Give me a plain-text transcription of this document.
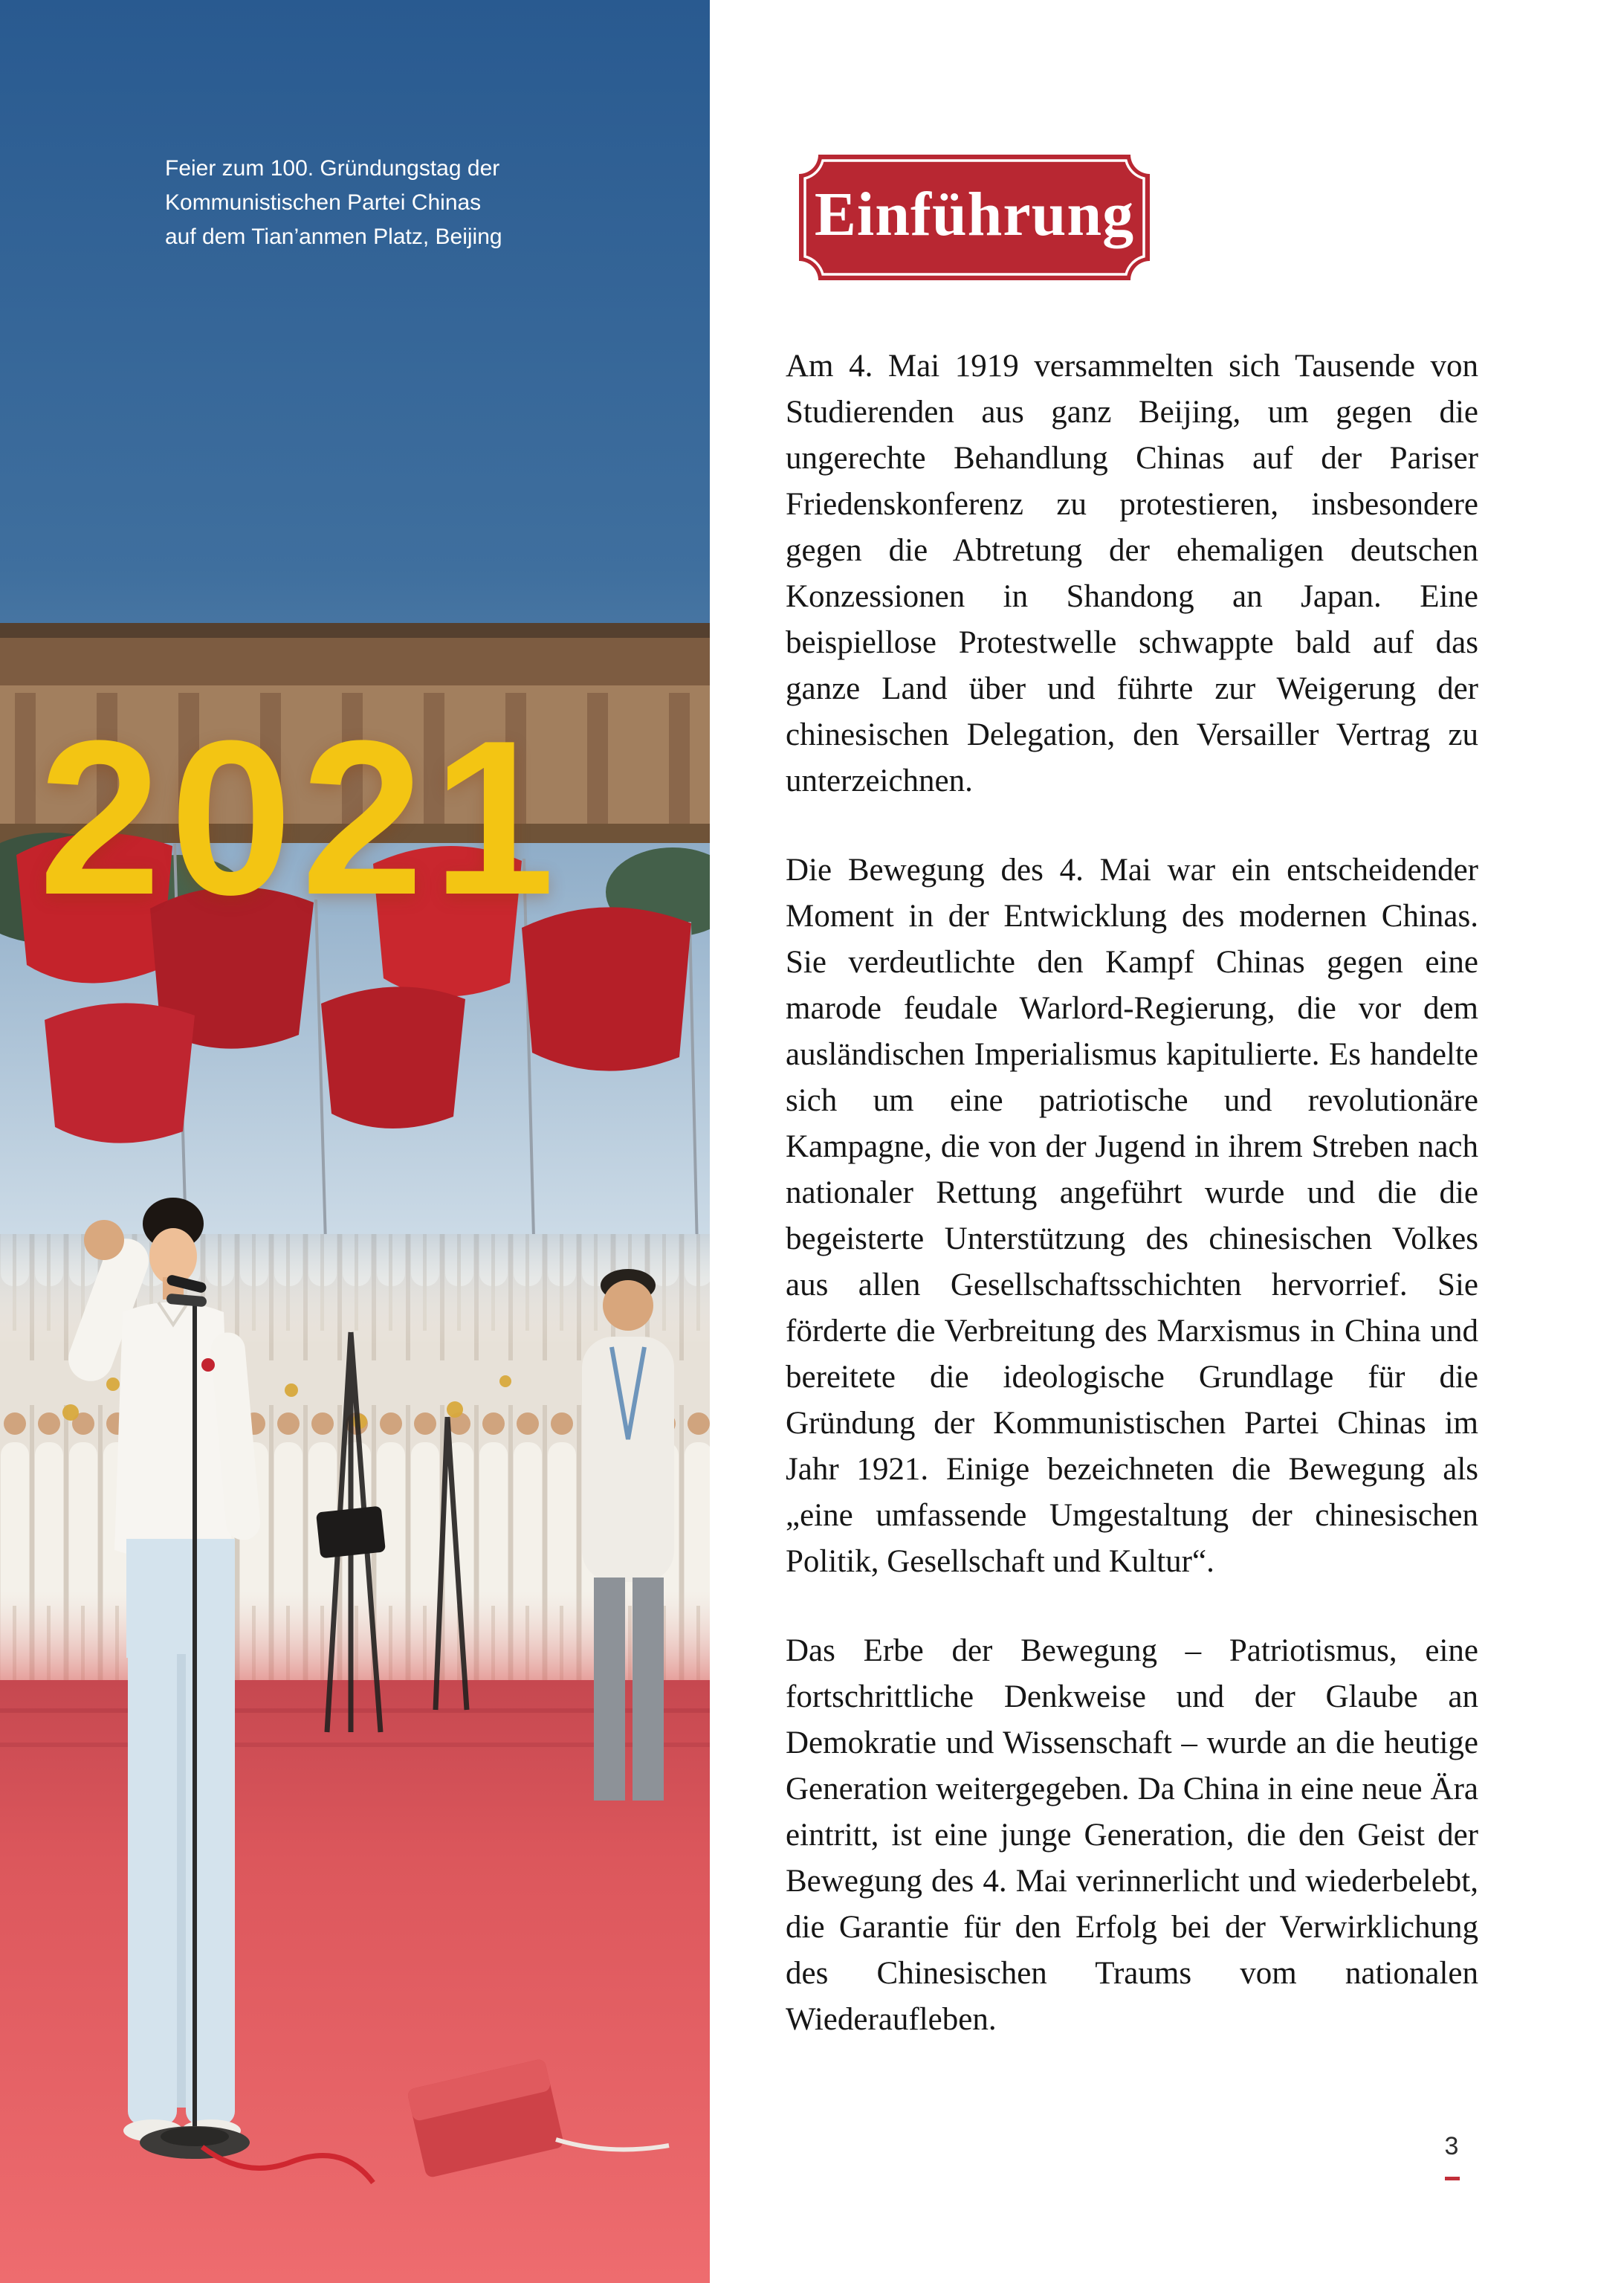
Feier zum 100. Gründungstag der Kommunistischen Partei Chinas auf dem Tian’anmen Platz, Beijing
2021
Einführung

Am 4. Mai 1919 versammelten sich Tausende von Studierenden aus ganz Beijing, um gegen die ungerechte Behandlung Chinas auf der Pariser Friedenskonferenz zu protestieren, insbesondere gegen die Abtretung der ehemaligen deutschen Konzessionen in Shandong an Japan. Eine beispiellose Protestwelle schwappte bald auf das ganze Land über und führte zur Weigerung der chinesischen Delegation, den Versailler Vertrag zu unterzeichnen.

Die Bewegung des 4. Mai war ein entscheidender Moment in der Entwicklung des modernen Chinas. Sie verdeutlichte den Kampf Chinas gegen eine marode feudale Warlord-Regierung, die vor dem ausländischen Imperialismus kapitulierte. Es handelte sich um eine patriotische und revolutionäre Kampagne, die von der Jugend in ihrem Streben nach nationaler Rettung angeführt wurde und die die begeisterte Unterstützung des chinesischen Volkes aus allen Gesellschaftsschichten hervorrief. Sie förderte die Verbreitung des Marxismus in China und bereitete die ideologische Grundlage für die Gründung der Kommunistischen Partei Chinas im Jahr 1921. Einige bezeichneten die Bewegung als „eine umfassende Umgestaltung der chinesischen Politik, Gesellschaft und Kultur“.

Das Erbe der Bewegung – Patriotismus, eine fortschrittliche Denkweise und der Glaube an Demokratie und Wissenschaft – wurde an die heutige Generation weitergegeben. Da China in eine neue Ära eintritt, ist eine junge Generation, die den Geist der Bewegung des 4. Mai verinnerlicht und wiederbelebt, die Garantie für den Erfolg bei der Verwirklichung des Chinesischen Traums vom nationalen Wiederaufleben.

3
